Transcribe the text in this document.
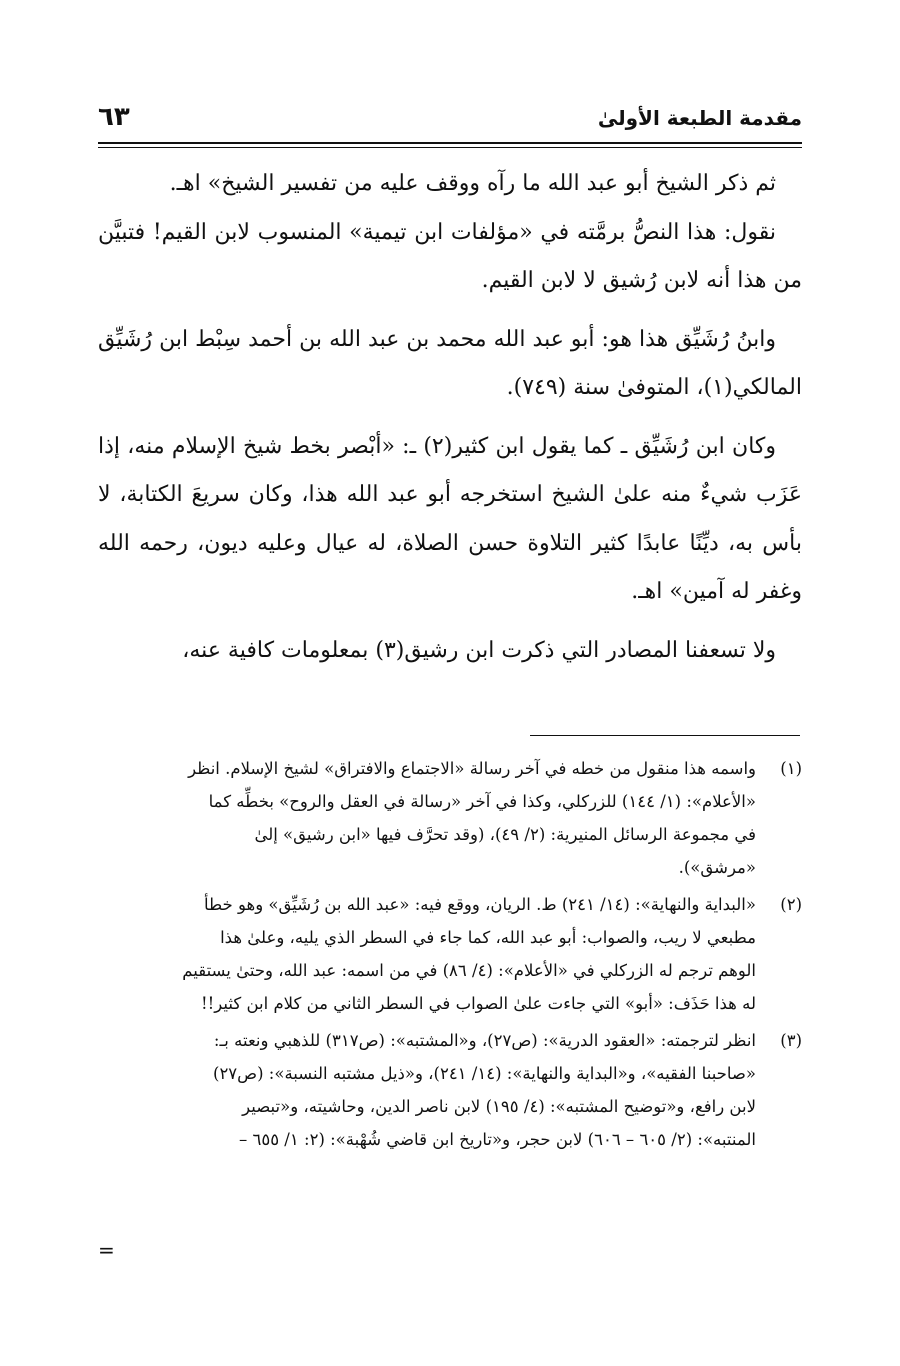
مقدمة الطبعة الأولىٰ
٦٣

ثم ذكر الشيخ أبو عبد الله ما رآه ووقف عليه من تفسير الشيخ» اهـ.

نقول: هذا النصُّ برمَّته في «مؤلفات ابن تيمية» المنسوب لابن القيم! فتبيَّن من هذا أنه لابن رُشيق لا لابن القيم.

وابنُ رُشَيِّق هذا هو: أبو عبد الله محمد بن عبد الله بن أحمد سِبْط ابن رُشَيِّق المالكي(١)، المتوفىٰ سنة (٧٤٩).

وكان ابن رُشَيِّق ـ كما يقول ابن كثير(٢) ـ: «أبْصر بخط شيخ الإسلام منه، إذا عَزَب شيءٌ منه علىٰ الشيخ استخرجه أبو عبد الله هذا، وكان سريعَ الكتابة، لا بأس به، ديِّنًا عابدًا كثير التلاوة حسن الصلاة، له عيال وعليه ديون، رحمه الله وغفر له آمين» اهـ.

ولا تسعفنا المصادر التي ذكرت ابن رشيق(٣) بمعلومات كافية عنه،

(١)
واسمه هذا منقول من خطه في آخر رسالة «الاجتماع والافتراق» لشيخ الإسلام. انظر
«الأعلام»: (١/ ١٤٤) للزركلي، وكذا في آخر «رسالة في العقل والروح» بخطِّه كما
في مجموعة الرسائل المنيرية: (٢/ ٤٩)، (وقد تحرَّف فيها «ابن رشيق» إلىٰ
«مرشق»).
(٢)
«البداية والنهاية»: (١٤/ ٢٤١) ط. الريان، ووقع فيه: «عبد الله بن رُشَيِّق» وهو خطأ
مطبعي لا ريب، والصواب: أبو عبد الله، كما جاء في السطر الذي يليه، وعلىٰ هذا
الوهم ترجم له الزركلي في «الأعلام»: (٤/ ٨٦) في من اسمه: عبد الله، وحتىٰ يستقيم
له هذا حَذَف: «أبو» التي جاءت علىٰ الصواب في السطر الثاني من كلام ابن كثير!!
(٣)
انظر لترجمته: «العقود الدرية»: (ص٢٧)، و«المشتبه»: (ص٣١٧) للذهبي ونعته بـ:
«صاحبنا الفقيه»، و«البداية والنهاية»: (١٤/ ٢٤١)، و«ذيل مشتبه النسبة»: (ص٢٧)
لابن رافع، و«توضيح المشتبه»: (٤/ ١٩٥) لابن ناصر الدين، وحاشيته، و«تبصير
المنتبه»: (٢/ ٦٠٥ – ٦٠٦) لابن حجر، و«تاريخ ابن قاضي شُهْبة»: (٢: ١/ ٦٥٥ –
=
